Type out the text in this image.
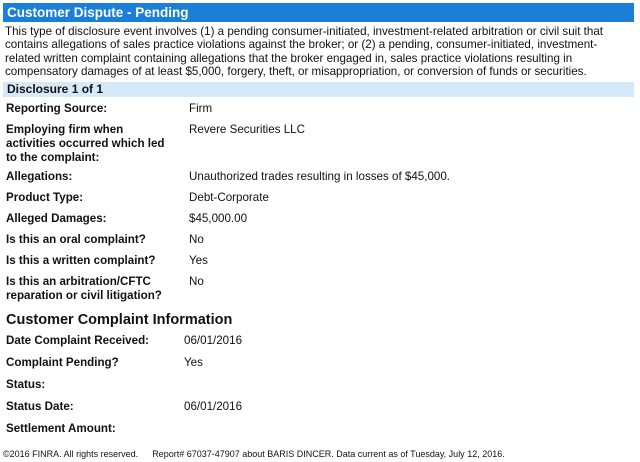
Customer Dispute - Pending
This type of disclosure event involves (1) a pending consumer-initiated, investment-related arbitration or civil suit that contains allegations of sales practice violations against the broker; or (2) a pending, consumer-initiated, investment-related written complaint containing allegations that the broker engaged in, sales practice violations resulting in compensatory damages of at least $5,000, forgery, theft, or misappropriation, or conversion of funds or securities.
Disclosure 1 of 1
Reporting Source:	Firm
Employing firm when activities occurred which led to the complaint:
Revere Securities LLC
Allegations:	Unauthorized trades resulting in losses of $45,000.
Product Type:	Debt-Corporate
Alleged Damages:	$45,000.00
Is this an oral complaint?	No
Is this a written complaint?	Yes
Is this an arbitration/CFTC reparation or civil litigation?
No
Customer Complaint Information
Date Complaint Received:	06/01/2016
Complaint Pending?	Yes
Status:
Status Date:	06/01/2016
Settlement Amount:
©2016 FINRA. All rights reserved. Report# 67037-47907 about BARIS DINCER. Data current as of Tuesday, July 12, 2016.
